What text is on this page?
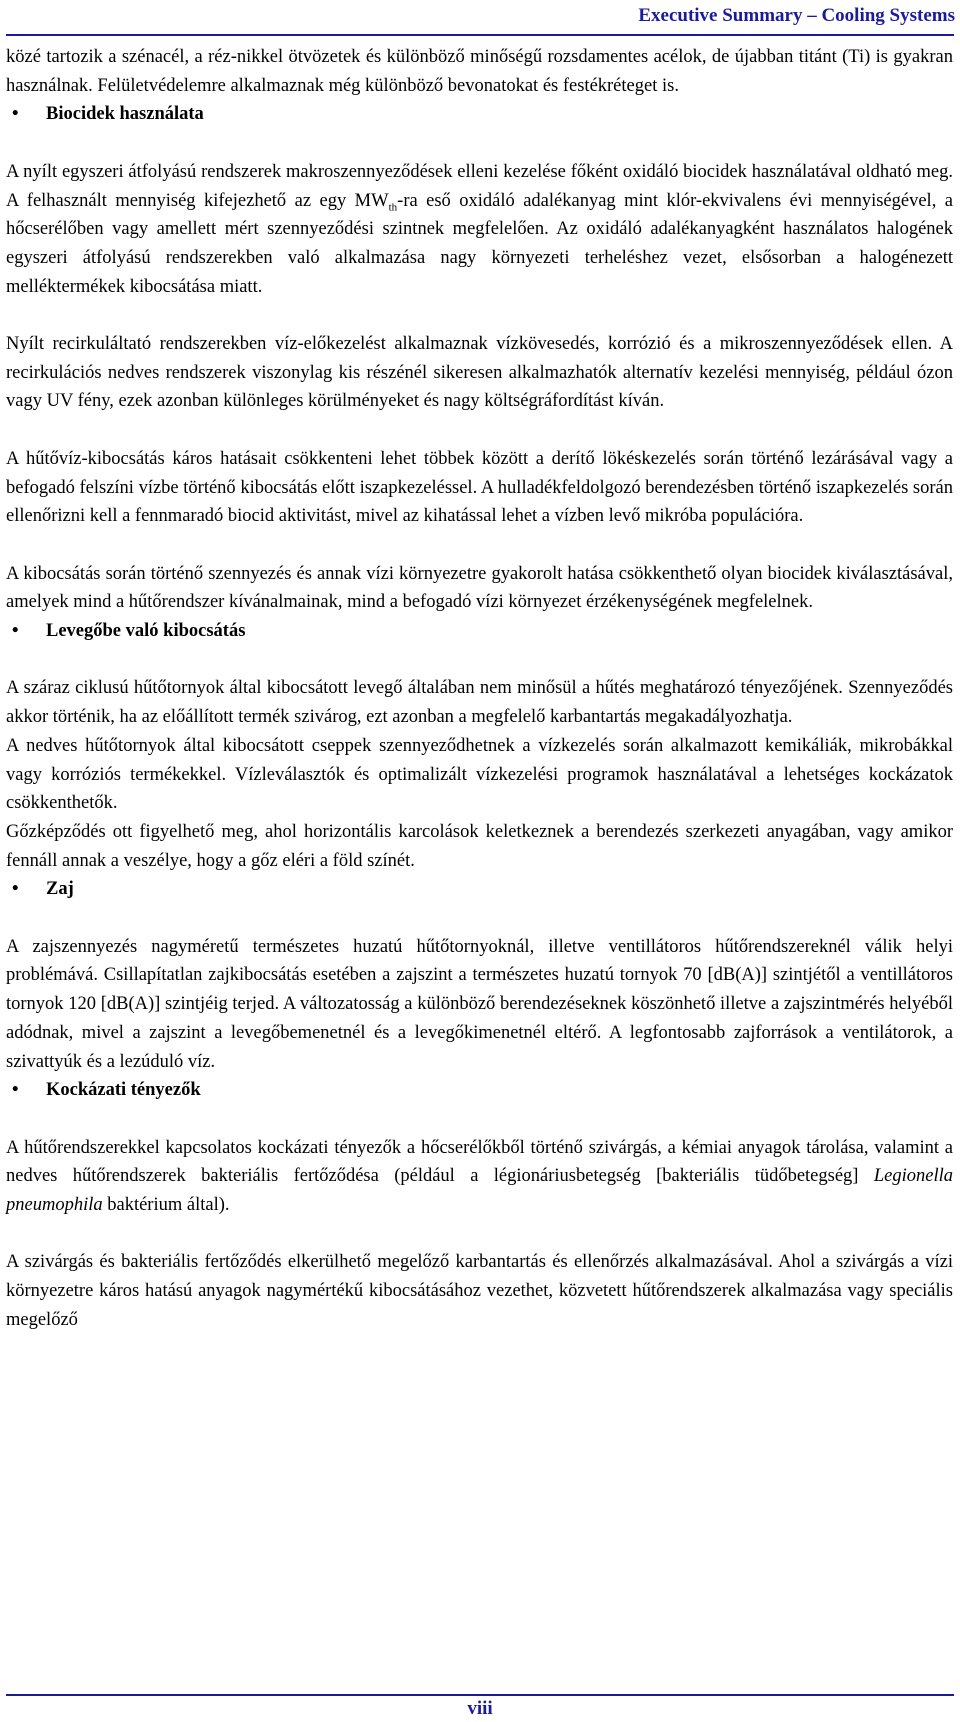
Executive Summary – Cooling Systems

közé tartozik a szénacél, a réz-nikkel ötvözetek és különböző minőségű rozsdamentes acélok, de újabban titánt (Ti) is gyakran használnak. Felületvédelemre alkalmaznak még különböző bevonatokat és festékréteget is.

• Biocidek használata

A nyílt egyszeri átfolyású rendszerek makroszennyeződések elleni kezelése főként oxidáló biocidek használatával oldható meg. A felhasznált mennyiség kifejezhető az egy $MW_{th}-ra$ eső oxidáló adalékanyag mint klór-ekvivalens évi mennyiségével, a hőcserélőben vagy amellett mért szennyeződési szintnek megfelelően. Az oxidáló adalékanyagként használatos halogének egyszeri átfolyású rendszerekben való alkalmazása nagy környezeti terheléshez vezet, elsősorban a halogénezett melléktermékek kibocsátása miatt.

Nyílt recirkuláltató rendszerekben víz-előkezelést alkalmaznak vízkövesedés, korrózió és a mikroszennyeződések ellen. A recirkulációs nedves rendszerek viszonylag kis részénél sikeresen alkalmazhatók alternatív kezelési mennyiség, például ózon vagy UV fény, ezek azonban különleges körülményeket és nagy költségráfordítást kíván.

A hűtővíz-kibocsátás káros hatásait csökkenteni lehet többek között a derítő lökéskezelés során történő lezárásával vagy a befogadó felszíni vízbe történő kibocsátás előtt iszapkezeléssel. A hulladékfeldolgozó berendezésben történő iszapkezelés során ellenőrizni kell a fennmaradó biocid aktivitást, mivel az kihatással lehet a vízben levő mikróba populációra.

A kibocsátás során történő szennyezés és annak vízi környezetre gyakorolt hatása csökkenthető olyan biocidek kiválasztásával, amelyek mind a hűtőrendszer kívánalmainak, mind a befogadó vízi környezet érzékenységének megfelelnek.

• Levegőbe való kibocsátás

A száraz ciklusú hűtőtornyok által kibocsátott levegő általában nem minősül a hűtés meghatározó tényezőjének. Szennyeződés akkor történik, ha az előállított termék szivárog, ezt azonban a megfelelő karbantartás megakadályozhatja.

A nedves hűtőtornyok által kibocsátott cseppek szennyeződhetnek a vízkezelés során alkalmazott kemikáliák, mikrobákkal vagy korróziós termékekkel. Vízleválasztók és optimalizált vízkezelési programok használatával a lehetséges kockázatok csökkenthetők.

Gőzképződés ott figyelhető meg, ahol horizontális karcolások keletkeznek a berendezés szerkezeti anyagában, vagy amikor fennáll annak a veszélye, hogy a gőz eléri a föld színét.

• Zaj

A zajszennyezés nagyméretű természetes huzatú hűtőtornyoknál, illetve ventillátoros hűtőrendszereknél válik helyi problémává. Csillapítatlan zajkibocsátás esetében a zajszint a természetes huzatú tornyok 70 [dB(A)] szintjétől a ventillátoros tornyok 120 [dB(A)] szintjéig terjed. A változatosság a különböző berendezéseknek köszönhető illetve a zajszintmérés helyéből adódnak, mivel a zajszint a levegőbemenetnél és a levegőkimenetnél eltérő. A legfontosabb zajforrások a ventilátorok, a szivattyúk és a lezúduló víz.

• Kockázati tényezők

A hűtőrendszerekkel kapcsolatos kockázati tényezők a hőcserélőkből történő szivárgás, a kémiai anyagok tárolása, valamint a nedves hűtőrendszerek bakteriális fertőződésa (például a légionáriusbetegség [bakteriális tüdőbetegség] Legionella pneumophila baktérium által).

A szivárgás és bakteriális fertőződés elkerülhető megelőző karbantartás és ellenőrzés alkalmazásával. Ahol a szivárgás a vízi környezetre káros hatású anyagok nagymértékű kibocsátásához vezethet, közvetett hűtőrendszerek alkalmazása vagy speciális megelőző

viii
